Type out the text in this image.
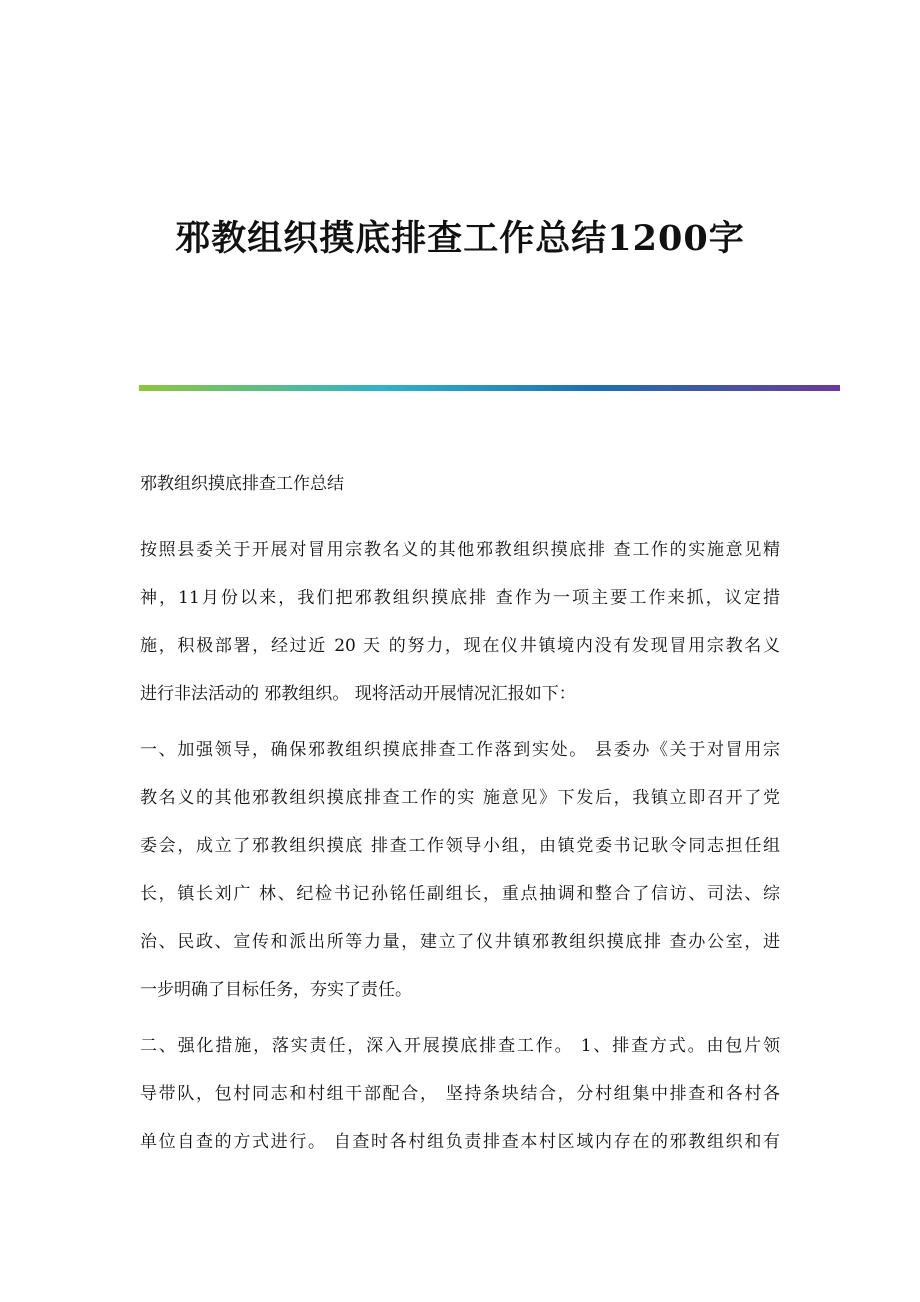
邪教组织摸底排查工作总结1200字

邪教组织摸底排查工作总结

按照县委关于开展对冒用宗教名义的其他邪教组织摸底排 查工作的实施意见精
神，11月份以来，我们把邪教组织摸底排 查作为一项主要工作来抓，议定措
施，积极部署，经过近 20 天 的努力，现在仪井镇境内没有发现冒用宗教名义
进行非法活动的 邪教组织。 现将活动开展情况汇报如下：

一、加强领导，确保邪教组织摸底排查工作落到实处。 县委办《关于对冒用宗
教名义的其他邪教组织摸底排查工作的实 施意见》下发后，我镇立即召开了党
委会，成立了邪教组织摸底 排查工作领导小组，由镇党委书记耿令同志担任组
长，镇长刘广 林、纪检书记孙铭任副组长，重点抽调和整合了信访、司法、综
治、民政、宣传和派出所等力量，建立了仪井镇邪教组织摸底排 查办公室，进
一步明确了目标任务，夯实了责任。

二、强化措施，落实责任，深入开展摸底排查工作。 1、排查方式。由包片领
导带队，包村同志和村组干部配合， 坚持条块结合，分村组集中排查和各村各
单位自查的方式进行。 自查时各村组负责排查本村区域内存在的邪教组织和有
